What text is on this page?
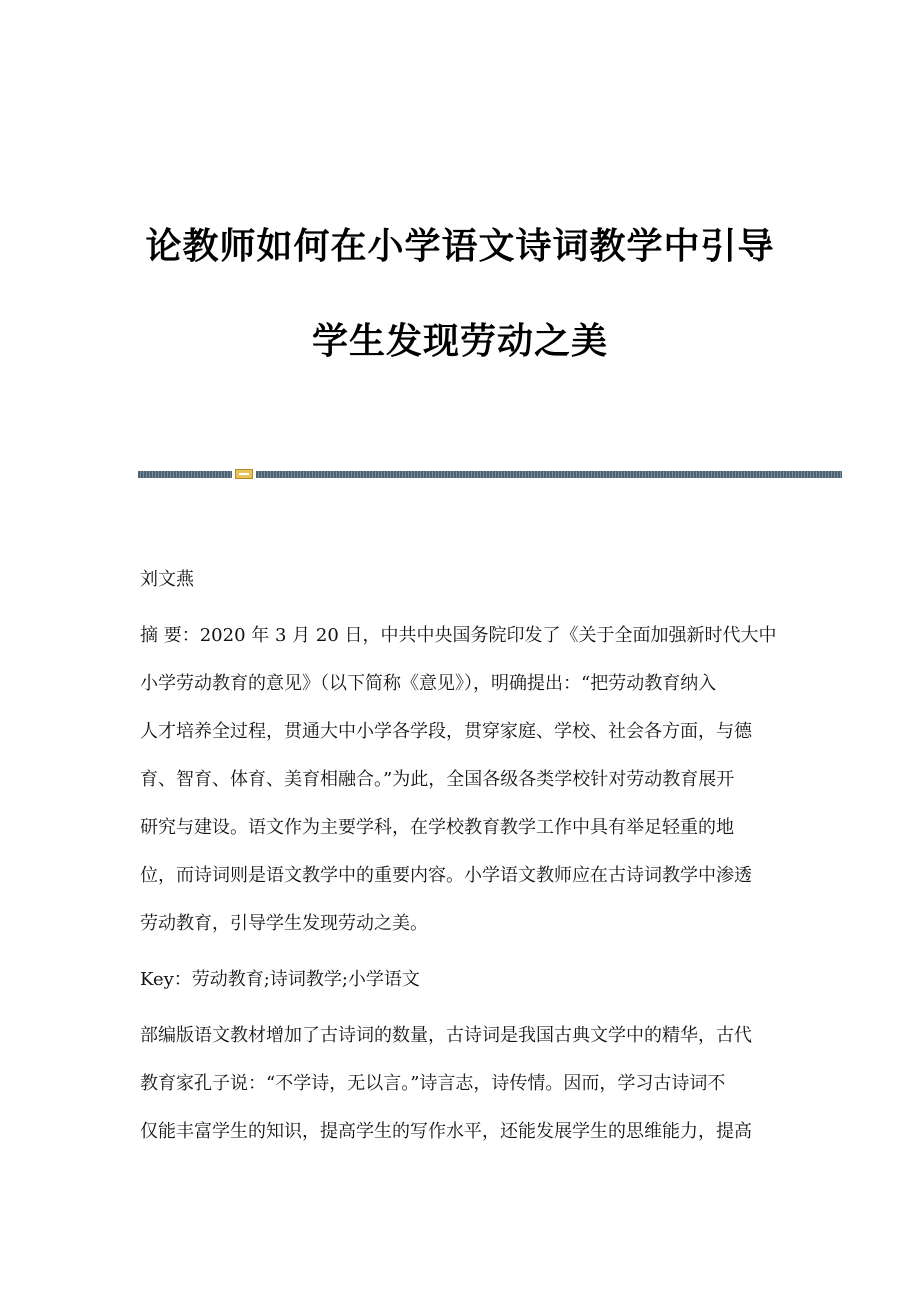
论教师如何在小学语文诗词教学中引导
学生发现劳动之美
刘文燕
摘 要：2020 年 3 月 20 日，中共中央国务院印发了《关于全面加强新时代大中
小学劳动教育的意见》（以下简称《意见》），明确提出：“把劳动教育纳入
人才培养全过程，贯通大中小学各学段，贯穿家庭、学校、社会各方面，与德
育、智育、体育、美育相融合。”为此，全国各级各类学校针对劳动教育展开
研究与建设。语文作为主要学科，在学校教育教学工作中具有举足轻重的地
位，而诗词则是语文教学中的重要内容。小学语文教师应在古诗词教学中渗透
劳动教育，引导学生发现劳动之美。
Key：劳动教育;诗词教学;小学语文
部编版语文教材增加了古诗词的数量，古诗词是我国古典文学中的精华，古代
教育家孔子说：“不学诗，无以言。”诗言志，诗传情。因而，学习古诗词不
仅能丰富学生的知识，提高学生的写作水平，还能发展学生的思维能力，提高
